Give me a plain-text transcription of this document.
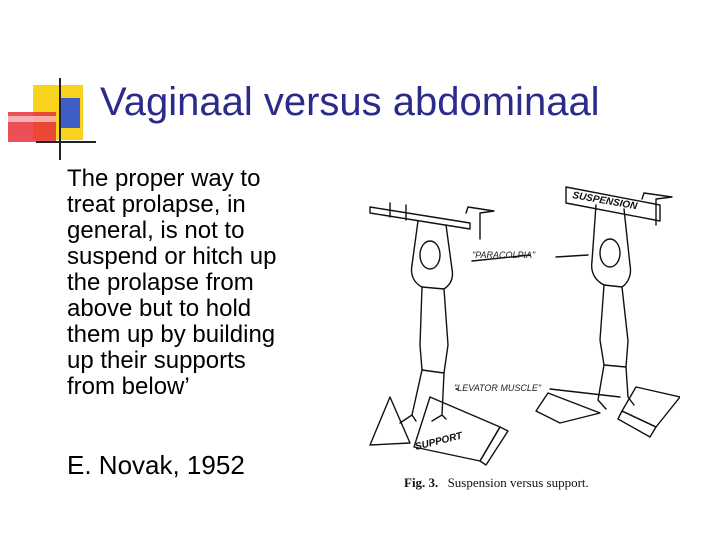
Vaginaal versus abdominaal
The proper way to
treat prolapse, in
general, is not to
suspend or hitch up
the prolapse from
above but to hold
them up by building
up their supports
from below’
E. Novak, 1952
SUSPENSION
"PARACOLPIA"
"LEVATOR MUSCLE"
SUPPORT
Fig. 3. Suspension versus support.
